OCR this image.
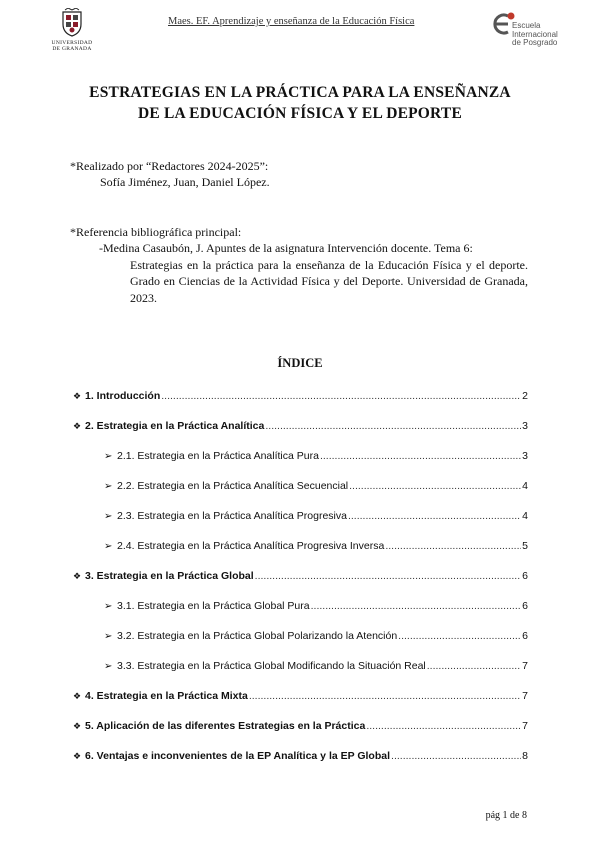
UNIVERSIDAD
DE GRANADA
Maes. EF. Aprendizaje y enseñanza de la Educación Física	Escuela
Internacional
de Posgrado
ESTRATEGIAS EN LA PRÁCTICA PARA LA ENSEÑANZA
DE LA EDUCACIÓN FÍSICA Y EL DEPORTE
*Realizado por “Redactores 2024-2025”:
Sofía Jiménez, Juan, Daniel López.
*Referencia bibliográfica principal:
-Medina Casaubón, J. Apuntes de la asignatura Intervención docente. Tema 6:
Estrategias en la práctica para la enseñanza de la Educación Física y el deporte. Grado en Ciencias de la Actividad Física y del Deporte. Universidad de Granada, 2023.
ÍNDICE
❖ 1. Introducción .....	2
❖ 2. Estrategia en la Práctica Analítica .....	3
➢ 2.1. Estrategia en la Práctica Analítica Pura .....	3
➢ 2.2. Estrategia en la Práctica Analítica Secuencial .....	4
➢ 2.3. Estrategia en la Práctica Analítica Progresiva .....	4
➢ 2.4. Estrategia en la Práctica Analítica Progresiva Inversa .....	5
❖ 3. Estrategia en la Práctica Global .....	6
➢ 3.1. Estrategia en la Práctica Global Pura .....	6
➢ 3.2. Estrategia en la Práctica Global Polarizando la Atención .....	6
➢ 3.3. Estrategia en la Práctica Global Modificando la Situación Real .....	7
❖ 4. Estrategia en la Práctica Mixta .....	7
❖ 5. Aplicación de las diferentes Estrategias en la Práctica .....	7
❖ 6. Ventajas e inconvenientes de la EP Analítica y la EP Global .....	8
pág 1 de 8
